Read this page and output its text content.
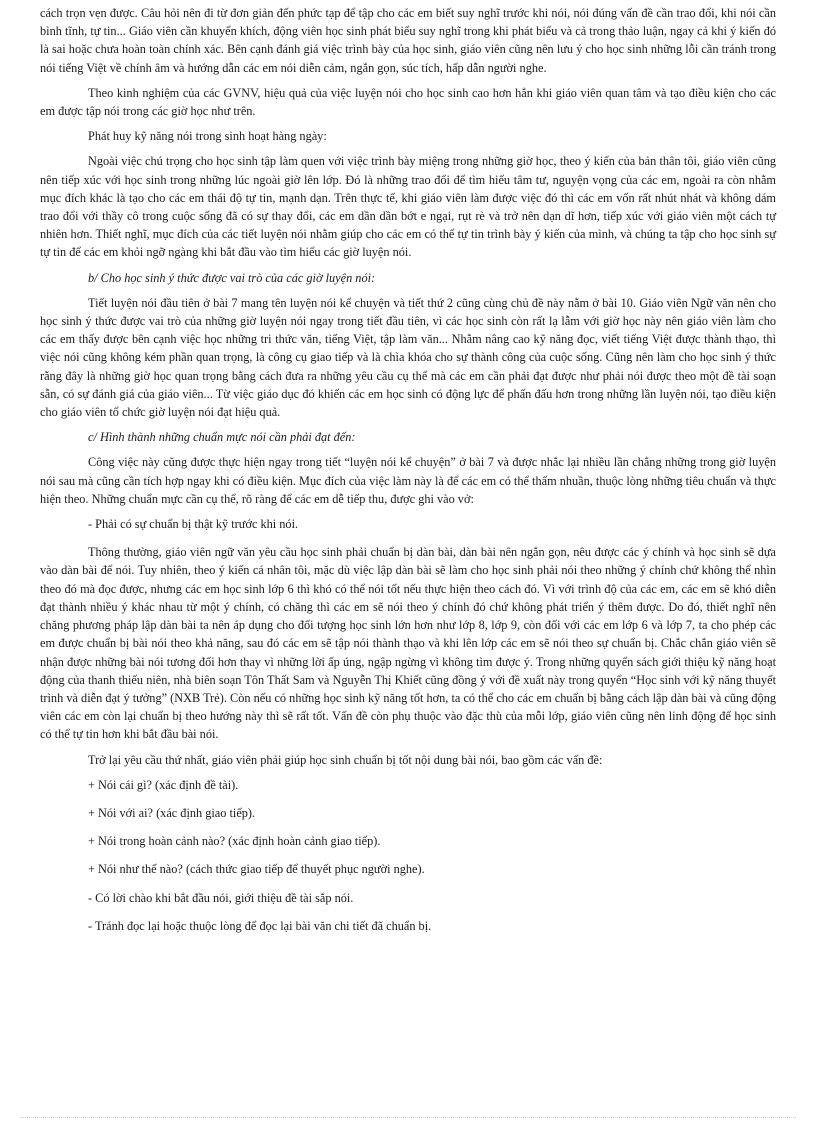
cách trọn vẹn được. Câu hỏi nên đi từ đơn giản đến phức tạp để tập cho các em biết suy nghĩ trước khi nói, nói đúng vấn đề cần trao đổi, khi nói cần bình tĩnh, tự tin... Giáo viên cần khuyến khích, động viên học sinh phát biểu suy nghĩ trong khi phát biểu và cả trong thảo luận, ngay cả khi ý kiến đó là sai hoặc chưa hoàn toàn chính xác. Bên cạnh đánh giá việc trình bày của học sinh, giáo viên cũng nên lưu ý cho học sinh những lỗi cần tránh trong nói tiếng Việt về chính âm và hướng dẫn các em nói diễn cảm, ngắn gọn, súc tích, hấp dẫn người nghe.

Theo kinh nghiệm của các GVNV, hiệu quả của việc luyện nói cho học sinh cao hơn hẳn khi giáo viên quan tâm và tạo điều kiện cho các em được tập nói trong các giờ học như trên.

Phát huy kỹ năng nói trong sinh hoạt hàng ngày:

Ngoài việc chú trọng cho học sinh tập làm quen với việc trình bày miệng trong những giờ học, theo ý kiến của bản thân tôi, giáo viên cũng nên tiếp xúc với học sinh trong những lúc ngoài giờ lên lớp. Đó là những trao đổi để tìm hiểu tâm tư, nguyện vọng của các em, ngoài ra còn nhằm mục đích khác là tạo cho các em thái độ tự tin, mạnh dạn. Trên thực tế, khi giáo viên làm được việc đó thì các em vốn rất nhút nhát và không dám trao đổi với thầy cô trong cuộc sống đã có sự thay đổi, các em dần dần bớt e ngại, rụt rè và trở nên dạn dĩ hơn, tiếp xúc với giáo viên một cách tự nhiên hơn. Thiết nghĩ, mục đích của các tiết luyện nói nhằm giúp cho các em có thể tự tin trình bày ý kiến của mình, và chúng ta tập cho học sinh sự tự tin để các em khỏi ngỡ ngàng khi bắt đầu vào tìm hiểu các giờ luyện nói.

b/ Cho học sinh ý thức được vai trò của các giờ luyện nói:

Tiết luyện nói đầu tiên ở bài 7 mang tên luyện nói kể chuyện và tiết thứ 2 cũng cùng chủ đề này nằm ở bài 10. Giáo viên Ngữ văn nên cho học sinh ý thức được vai trò của những giờ luyện nói ngay trong tiết đầu tiên, vì các học sinh còn rất lạ lẫm với giờ học này nên giáo viên làm cho các em thấy được bên cạnh việc học những tri thức văn, tiếng Việt, tập làm văn... Nhằm nâng cao kỹ năng đọc, viết tiếng Việt được thành thạo, thì việc nói cũng không kém phần quan trọng, là công cụ giao tiếp và là chìa khóa cho sự thành công của cuộc sống. Cũng nên làm cho học sinh ý thức rằng đây là những giờ học quan trọng bằng cách đưa ra những yêu cầu cụ thể mà các em cần phải đạt được như phải nói được theo một đề tài soạn sẵn, có sự đánh giá của giáo viên... Từ việc giáo dục đó khiến các em học sinh có động lực để phấn đấu hơn trong những lần luyện nói, tạo điều kiện cho giáo viên tổ chức giờ luyện nói đạt hiệu quả.

c/ Hình thành những chuẩn mực nói cần phải đạt đến:

Công việc này cũng được thực hiện ngay trong tiết “luyện nói kể chuyện” ở bài 7 và được nhắc lại nhiều lần chẳng những trong giờ luyện nói sau mà cũng cần tích hợp ngay khi có điều kiện. Mục đích của việc làm này là để các em có thể thấm nhuần, thuộc lòng những tiêu chuẩn và thực hiện theo. Những chuẩn mực cần cụ thể, rõ ràng để các em dễ tiếp thu, được ghi vào vở:

- Phải có sự chuẩn bị thật kỹ trước khi nói.

Thông thường, giáo viên ngữ văn yêu cầu học sinh phải chuẩn bị dàn bài, dàn bài nên ngắn gọn, nêu được các ý chính và học sinh sẽ dựa vào dàn bài để nói. Tuy nhiên, theo ý kiến cá nhân tôi, mặc dù việc lập dàn bài sẽ làm cho học sinh phải nói theo những ý chính chứ không thể nhìn theo đó mà đọc được, nhưng các em học sinh lớp 6 thì khó có thể nói tốt nếu thực hiện theo cách đó. Vì với trình độ của các em, các em sẽ khó diễn đạt thành nhiều ý khác nhau từ một ý chính, có chăng thì các em sẽ nói theo ý chính đó chứ không phát triển ý thêm được. Do đó, thiết nghĩ nên chăng phương pháp lập dàn bài ta nên áp dụng cho đối tượng học sinh lớn hơn như lớp 8, lớp 9, còn đối với các em lớp 6 và lớp 7, ta cho phép các em được chuẩn bị bài nói theo khả năng, sau đó các em sẽ tập nói thành thạo và khi lên lớp các em sẽ nói theo sự chuẩn bị. Chắc chắn giáo viên sẽ nhận được những bài nói tương đối hơn thay vì những lời ấp úng, ngập ngừng vì không tìm được ý. Trong những quyển sách giới thiệu kỹ năng hoạt động của thanh thiếu niên, nhà biên soạn Tôn Thất Sam và Nguyễn Thị Khiết cũng đồng ý với đề xuất này trong quyển “Học sinh với kỹ năng thuyết trình và diễn đạt ý tưởng” (NXB Trẻ). Còn nếu có những học sinh kỹ năng tốt hơn, ta có thể cho các em chuẩn bị bằng cách lập dàn bài và cũng động viên các em còn lại chuẩn bị theo hướng này thì sẽ rất tốt. Vấn đề còn phụ thuộc vào đặc thù của mỗi lớp, giáo viên cũng nên linh động để học sinh có thể tự tin hơn khi bắt đầu bài nói.

Trở lại yêu cầu thứ nhất, giáo viên phải giúp học sinh chuẩn bị tốt nội dung bài nói, bao gồm các vấn đề:

+ Nói cái gì? (xác định đề tài).

+ Nói với ai? (xác định giao tiếp).

+ Nói trong hoàn cảnh nào? (xác định hoàn cảnh giao tiếp).

+ Nói như thế nào? (cách thức giao tiếp để thuyết phục người nghe).

- Có lời chào khi bắt đầu nói, giới thiệu đề tài sắp nói.

- Tránh đọc lại hoặc thuộc lòng để đọc lại bài văn chi tiết đã chuẩn bị.
